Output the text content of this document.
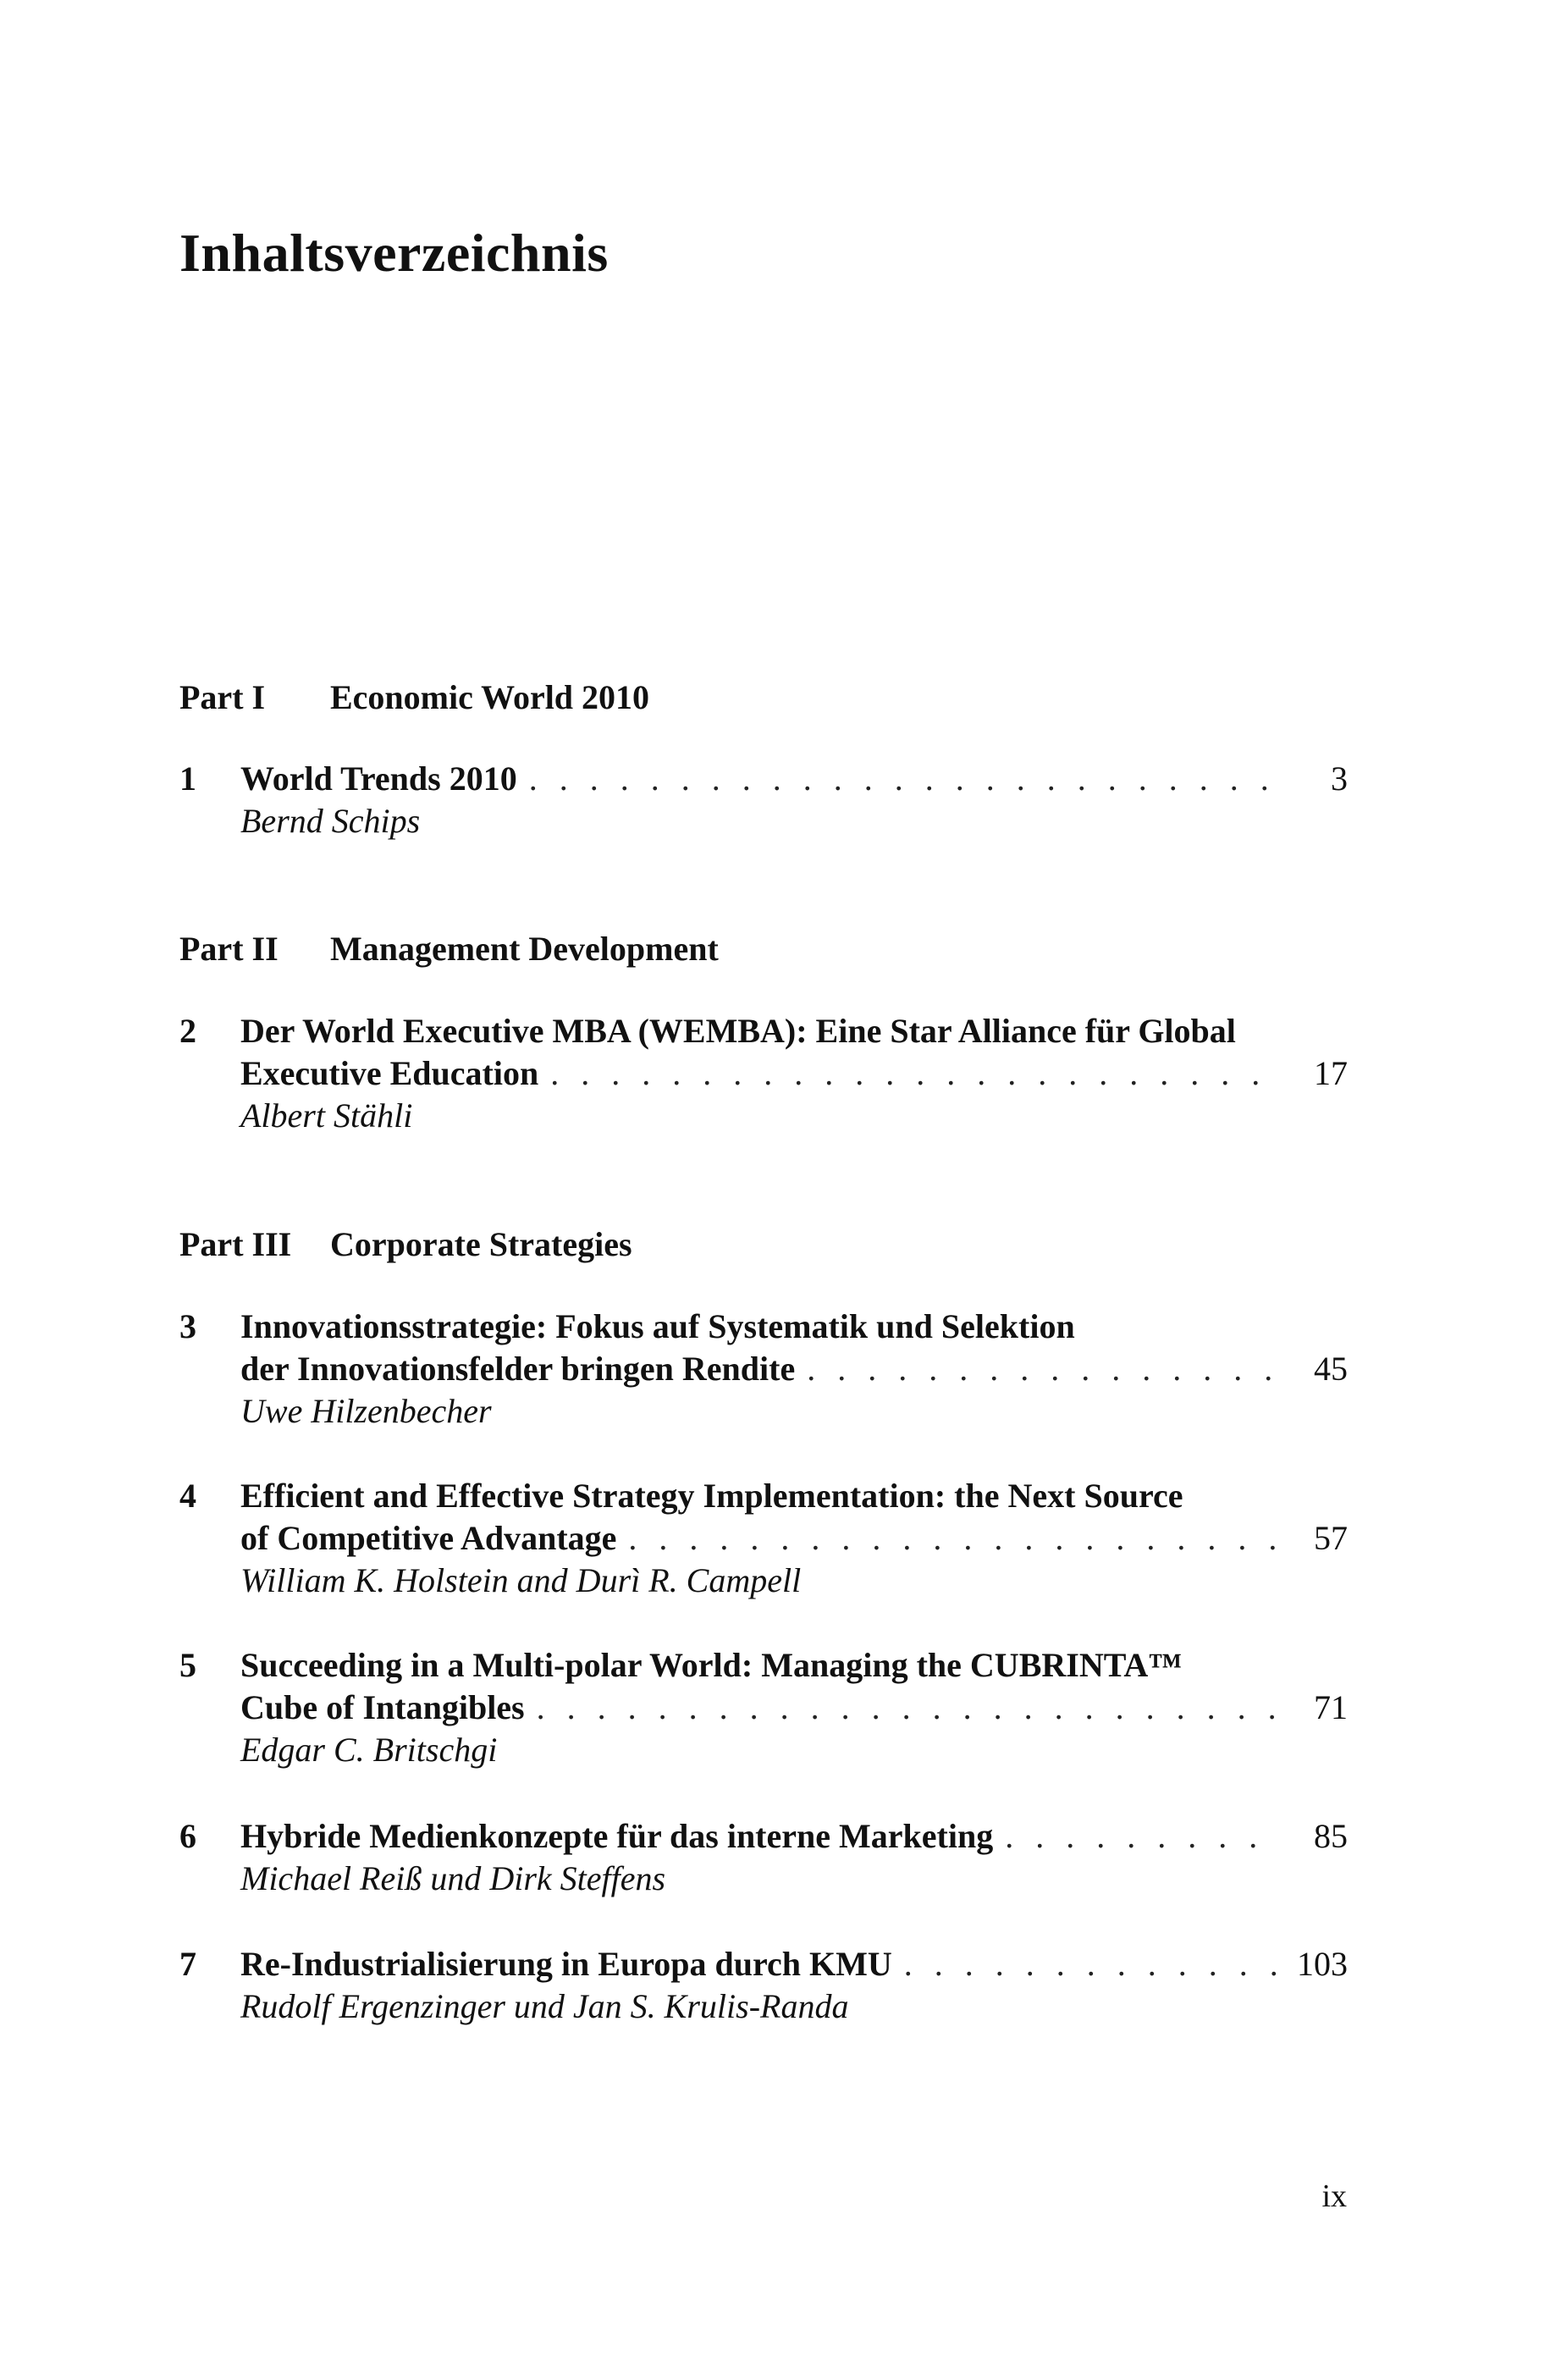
Inhaltsverzeichnis
Part I	Economic World 2010
1 World Trends 2010 . . .	3
Bernd Schips
Part II	Management Development
2 Der World Executive MBA (WEMBA): Eine Star Alliance für Global
Executive Education . . .	17
Albert Stähli
Part III	Corporate Strategies
3 Innovationsstrategie: Fokus auf Systematik und Selektion
der Innovationsfelder bringen Rendite . . .	45
Uwe Hilzenbecher
4 Efficient and Effective Strategy Implementation: the Next Source
of Competitive Advantage . . .	57
William K. Holstein and Durì R. Campell
5 Succeeding in a Multi-polar World: Managing the CUBRINTA™
Cube of Intangibles . . .	71
Edgar C. Britschgi
6 Hybride Medienkonzepte für das interne Marketing . . .	85
Michael Reiß und Dirk Steffens
7 Re-Industrialisierung in Europa durch KMU . . .	103
Rudolf Ergenzinger und Jan S. Krulis-Randa
ix
